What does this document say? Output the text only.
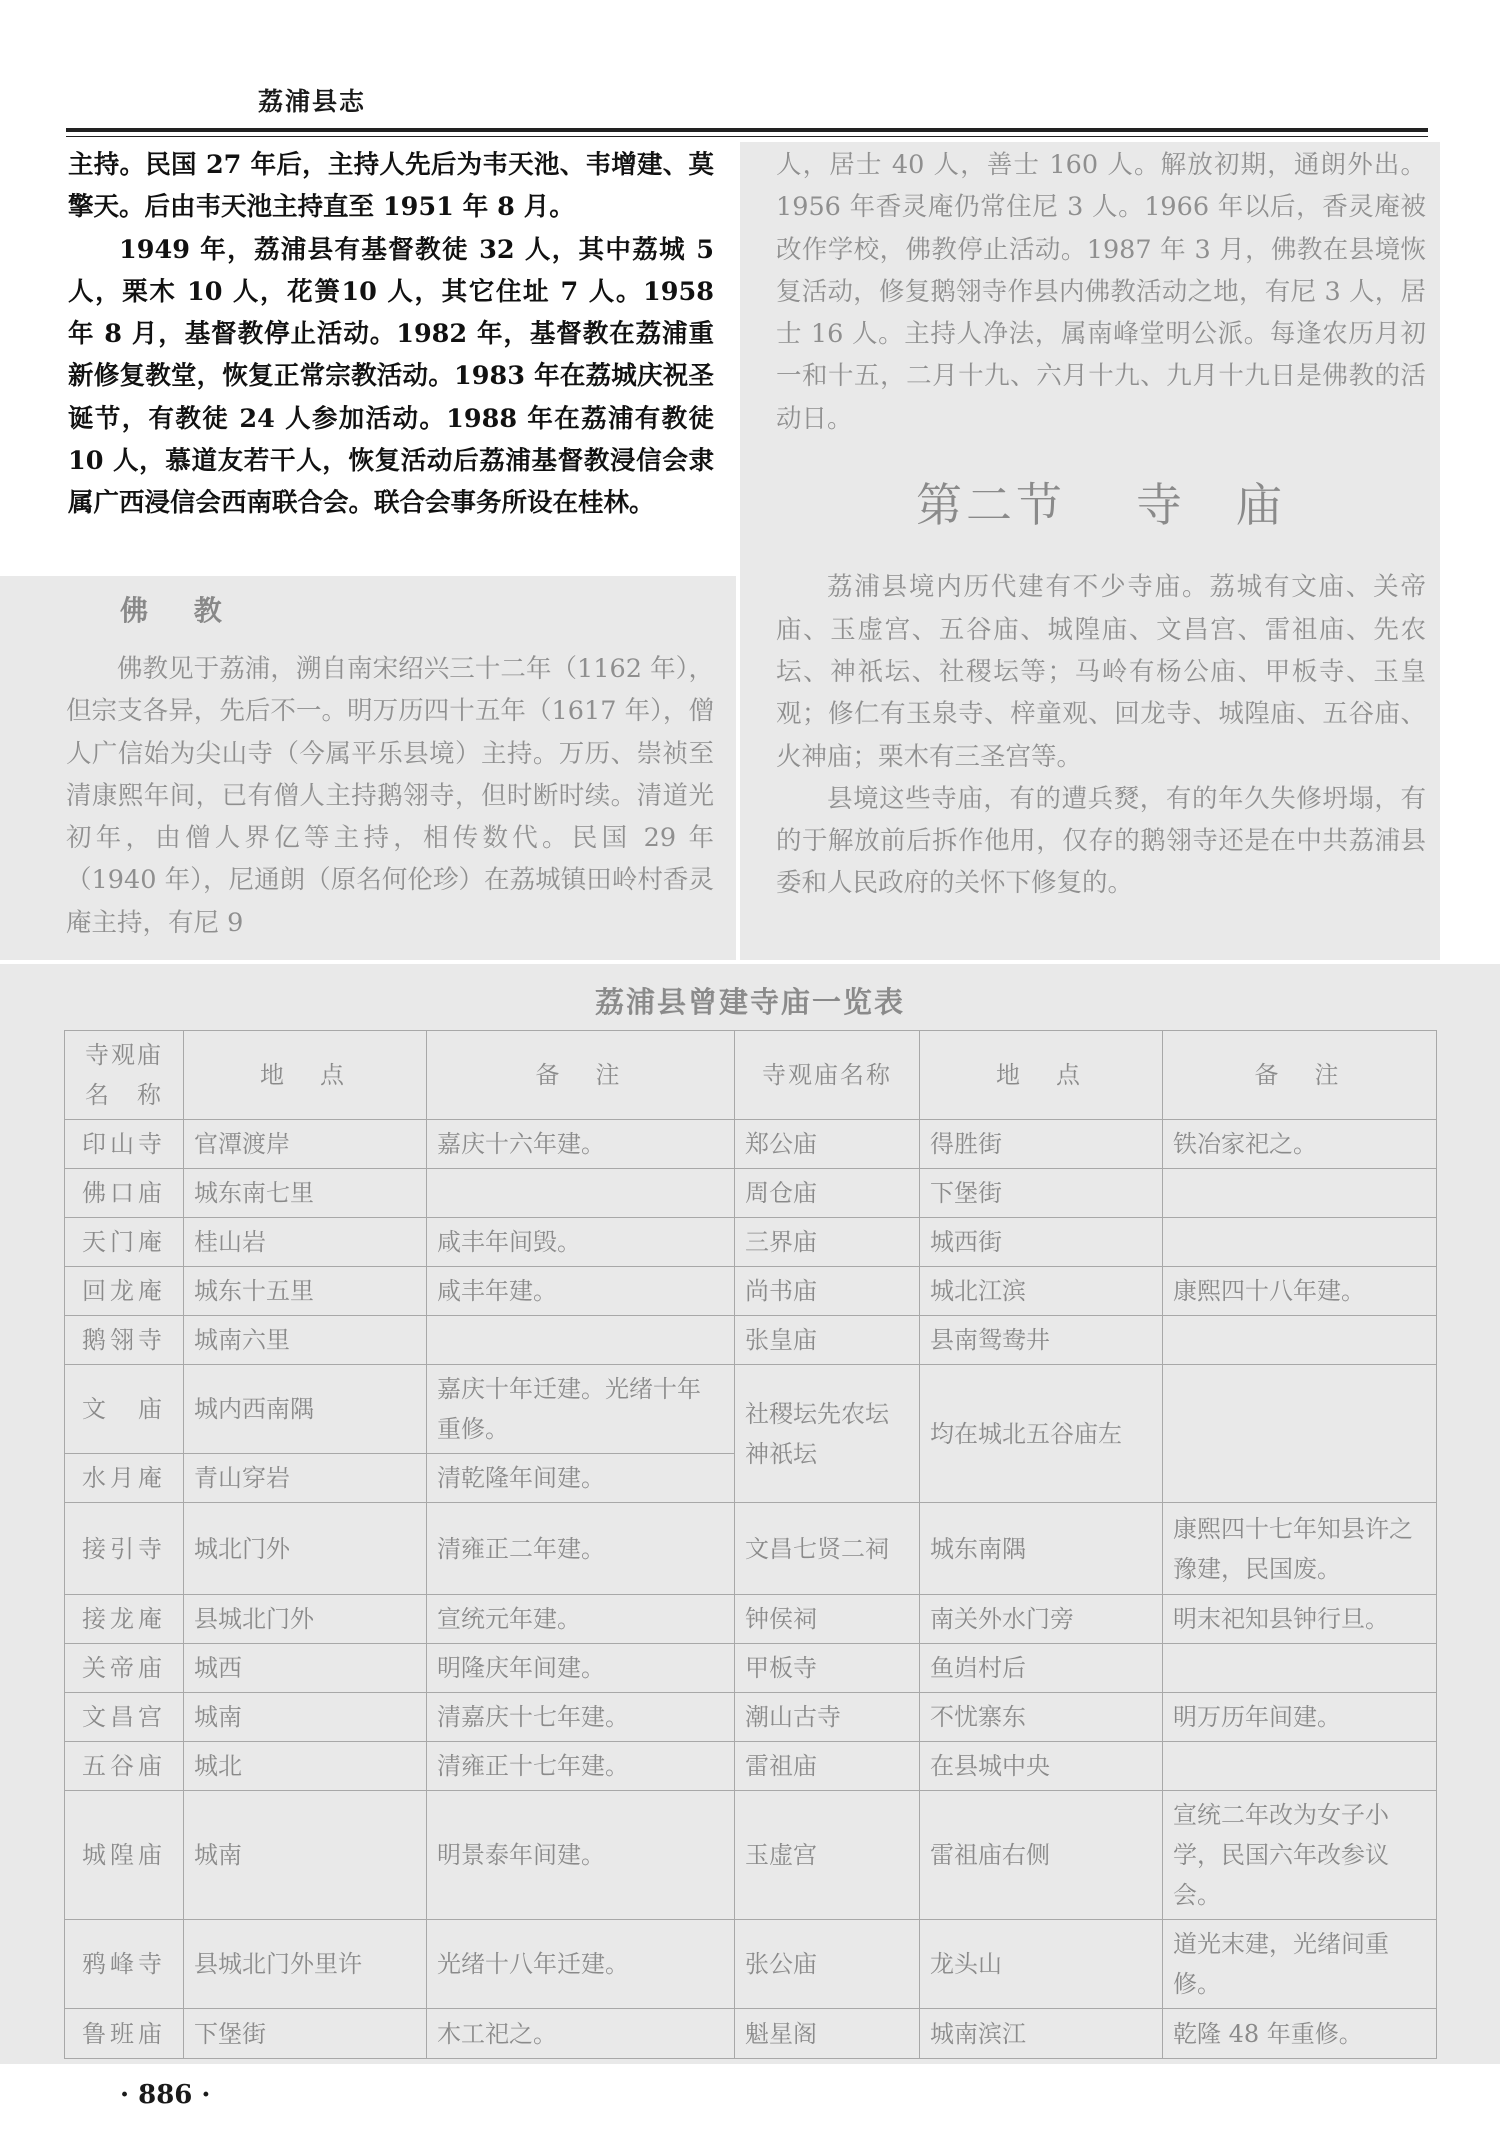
荔浦县志

主持。民国 27 年后，主持人先后为韦天池、韦增建、莫擎天。后由韦天池主持直至 1951 年 8 月。

1949 年，荔浦县有基督教徒 32 人，其中荔城 5 人，栗木 10 人，花箦10 人，其它住址 7 人。1958 年 8 月，基督教停止活动。1982 年，基督教在荔浦重新修复教堂，恢复正常宗教活动。1983 年在荔城庆祝圣诞节，有教徒 24 人参加活动。1988 年在荔浦有教徒 10 人，慕道友若干人，恢复活动后荔浦基督教浸信会隶属广西浸信会西南联合会。联合会事务所设在桂林。

佛 教

佛教见于荔浦，溯自南宋绍兴三十二年（1162 年），但宗支各异，先后不一。明万历四十五年（1617 年），僧人广信始为尖山寺（今属平乐县境）主持。万历、崇祯至清康熙年间，已有僧人主持鹅翎寺，但时断时续。清道光初年，由僧人界亿等主持，相传数代。民国 29 年（1940 年），尼通朗（原名何伦珍）在荔城镇田岭村香灵庵主持，有尼 9

人，居士 40 人，善士 160 人。解放初期，通朗外出。1956 年香灵庵仍常住尼 3 人。1966 年以后，香灵庵被改作学校，佛教停止活动。1987 年 3 月，佛教在县境恢复活动，修复鹅翎寺作县内佛教活动之地，有尼 3 人，居士 16 人。主持人净法，属南峰堂明公派。每逢农历月初一和十五，二月十九、六月十九、九月十九日是佛教的活动日。

第二节 寺　庙

荔浦县境内历代建有不少寺庙。荔城有文庙、关帝庙、玉虚宫、五谷庙、城隍庙、文昌宫、雷祖庙、先农坛、神祇坛、社稷坛等；马岭有杨公庙、甲板寺、玉皇观；修仁有玉泉寺、梓童观、回龙寺、城隍庙、五谷庙、火神庙；栗木有三圣宫等。

县境这些寺庙，有的遭兵燹，有的年久失修坍塌，有的于解放前后拆作他用，仅存的鹅翎寺还是在中共荔浦县委和人民政府的关怀下修复的。

荔浦县曾建寺庙一览表
寺观庙名　称	地　点	备　注	寺观庙名称	地　点	备　注
印山寺	官潭渡岸	嘉庆十六年建。	郑公庙	得胜街	铁冶家祀之。
佛口庙	城东南七里		周仓庙	下堡街	
天门庵	桂山岩	咸丰年间毁。	三界庙	城西街	
回龙庵	城东十五里	咸丰年建。	尚书庙	城北江滨	康熙四十八年建。
鹅翎寺	城南六里		张皇庙	县南鸳鸯井	
文　庙	城内西南隅	嘉庆十年迁建。光绪十年重修。	社稷坛先农坛神祇坛	均在城北五谷庙左	
水月庵	青山穿岩	清乾隆年间建。			
接引寺	城北门外	清雍正二年建。	文昌七贤二祠	城东南隅	康熙四十七年知县许之豫建，民国废。
接龙庵	县城北门外	宣统元年建。	钟侯祠	南关外水门旁	明末祀知县钟行旦。
关帝庙	城西	明隆庆年间建。	甲板寺	鱼岿村后	
文昌宫	城南	清嘉庆十七年建。	潮山古寺	不忧寨东	明万历年间建。
五谷庙	城北	清雍正十七年建。	雷祖庙	在县城中央	
城隍庙	城南	明景泰年间建。	玉虚宫	雷祖庙右侧	宣统二年改为女子小学，民国六年改参议会。
鸦峰寺	县城北门外里许	光绪十八年迁建。	张公庙	龙头山	道光末建，光绪间重修。
鲁班庙	下堡街	木工祀之。	魁星阁	城南滨江	乾隆 48 年重修。
· 886 ·
